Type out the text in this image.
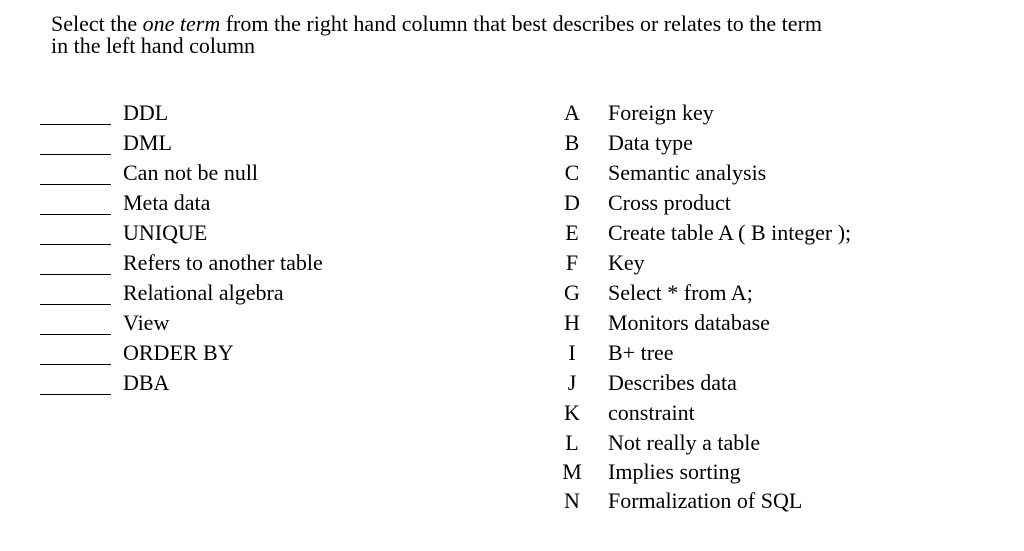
Select the one term from the right hand column that best describes or relates to the term
in the left hand column

DDL
DML
Can not be null
Meta data
UNIQUE
Refers to another table
Relational algebra
View
ORDER BY
DBA
A Foreign key
B	Data type
C	Semantic analysis
D Cross product
E	Create table A ( B integer );
F	Key
G Select * from A;
H Monitors database
I	B+ tree
J	Describes data
K constraint
L	Not really a table
M Implies sorting
N Formalization of SQL
